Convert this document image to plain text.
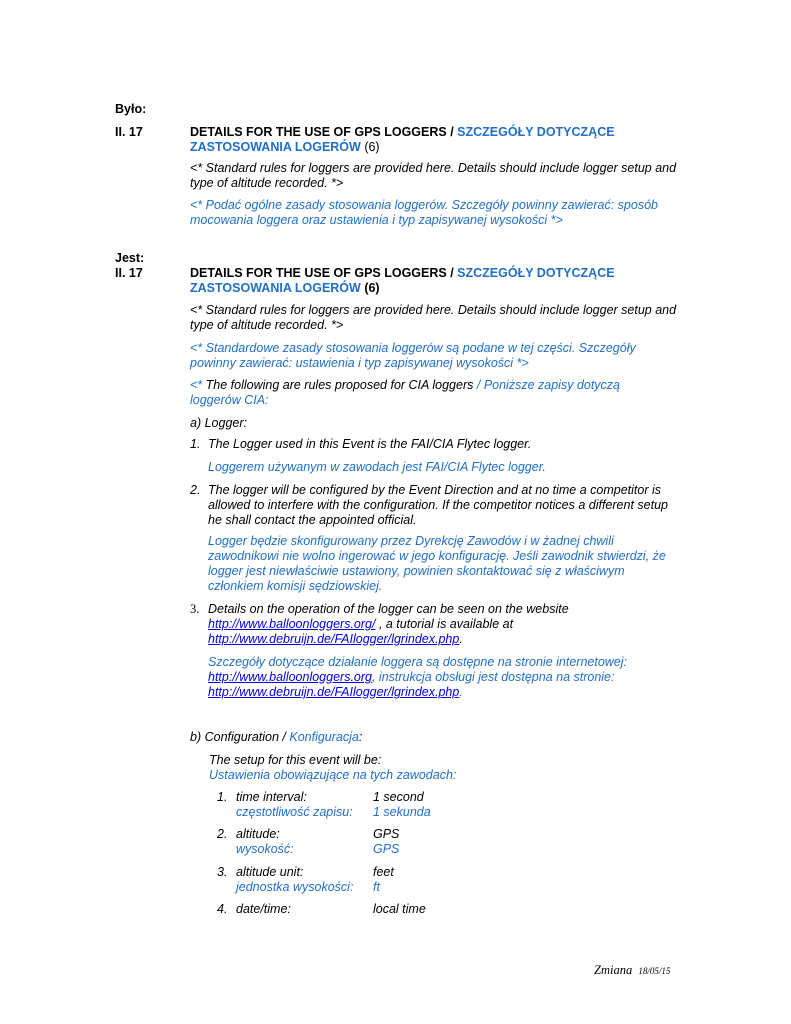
Było:
II. 17	DETAILS FOR THE USE OF GPS LOGGERS / SZCZEGÓŁY DOTYCZĄCE ZASTOSOWANIA LOGERÓW (6)
<* Standard rules for loggers are provided here. Details should include logger setup and type of altitude recorded. *>
<* Podać ogólne zasady stosowania loggerów. Szczegóły powinny zawierać: sposób mocowania loggera oraz ustawienia i typ zapisywanej wysokości *>
Jest:
II. 17	DETAILS FOR THE USE OF GPS LOGGERS / SZCZEGÓŁY DOTYCZĄCE ZASTOSOWANIA LOGERÓW (6)
<* Standard rules for loggers are provided here. Details should include logger setup and type of altitude recorded. *>
<* Standardowe zasady stosowania loggerów są podane w tej części. Szczegóły powinny zawierać: ustawienia i typ zapisywanej wysokości *>
<* The following are rules proposed for CIA loggers / Poniższe zapisy dotyczą loggerów CIA:
a) Logger:
1. The Logger used in this Event is the FAI/CIA Flytec logger.
Loggerem używanym w zawodach jest FAI/CIA Flytec logger.
2. The logger will be configured by the Event Direction and at no time a competitor is allowed to interfere with the configuration. If the competitor notices a different setup he shall contact the appointed official.
Logger będzie skonfigurowany przez Dyrekcję Zawodów i w żadnej chwili zawodnikowi nie wolno ingerować w jego konfigurację. Jeśli zawodnik stwierdzi, że logger jest niewłaściwie ustawiony, powinien skontaktować się z właściwym członkiem komisji sędziowskiej.
3. Details on the operation of the logger can be seen on the website http://www.balloonloggers.org/ , a tutorial is available at http://www.debruijn.de/FAIlogger/lgrindex.php.
Szczegóły dotyczące działanie loggera są dostępne na stronie internetowej: http://www.balloonloggers.org, instrukcja obsługi jest dostępna na stronie: http://www.debruijn.de/FAIlogger/lgrindex.php.
b) Configuration / Konfiguracja:
The setup for this event will be:
Ustawienia obowiązujące na tych zawodach:
1. time interval:	1 second
częstotliwość zapisu: 1 sekunda
2. altitude:	GPS
wysokość:	GPS
3. altitude unit:	feet
jednostka wysokości: ft
4. date/time:	local time
Zmiana 18/05/15
